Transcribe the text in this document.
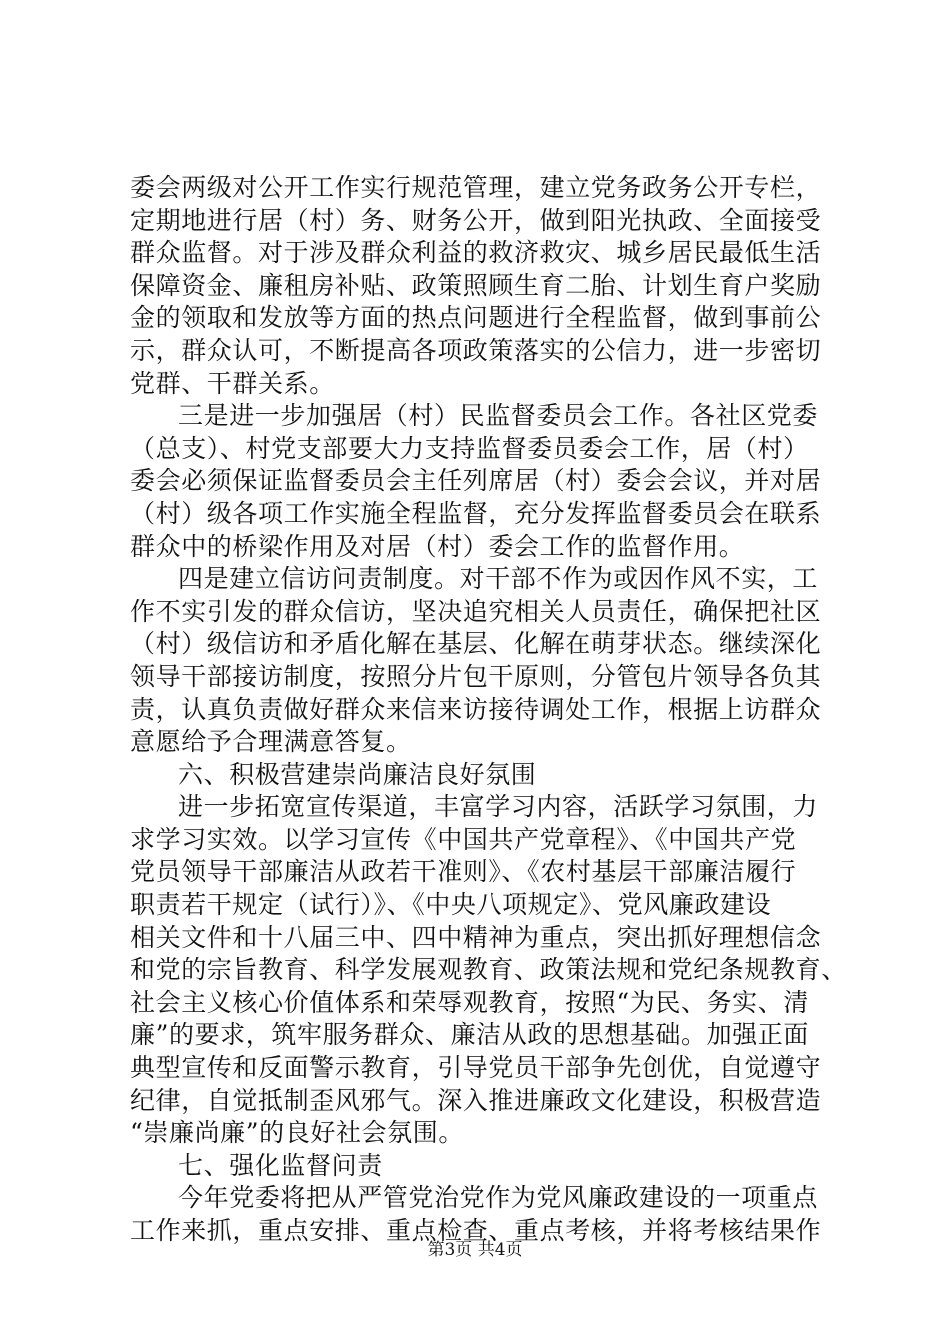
委会两级对公开工作实行规范管理，建立党务政务公开专栏，
定期地进行居（村）务、财务公开，做到阳光执政、全面接受
群众监督。对于涉及群众利益的救济救灾、城乡居民最低生活
保障资金、廉租房补贴、政策照顾生育二胎、计划生育户奖励
金的领取和发放等方面的热点问题进行全程监督，做到事前公
示，群众认可，不断提高各项政策落实的公信力，进一步密切
党群、干群关系。
三是进一步加强居（村）民监督委员会工作。各社区党委
（总支）、村党支部要大力支持监督委员委会工作，居（村）
委会必须保证监督委员会主任列席居（村）委会会议，并对居
（村）级各项工作实施全程监督，充分发挥监督委员会在联系
群众中的桥梁作用及对居（村）委会工作的监督作用。
四是建立信访问责制度。对干部不作为或因作风不实，工
作不实引发的群众信访，坚决追究相关人员责任，确保把社区
（村）级信访和矛盾化解在基层、化解在萌芽状态。继续深化
领导干部接访制度，按照分片包干原则，分管包片领导各负其
责，认真负责做好群众来信来访接待调处工作，根据上访群众
意愿给予合理满意答复。
六、积极营建崇尚廉洁良好氛围
进一步拓宽宣传渠道，丰富学习内容，活跃学习氛围，力
求学习实效。以学习宣传《中国共产党章程》、《中国共产党
党员领导干部廉洁从政若干准则》、《农村基层干部廉洁履行
职责若干规定（试行）》、《中央八项规定》、党风廉政建设
相关文件和十八届三中、四中精神为重点，突出抓好理想信念
和党的宗旨教育、科学发展观教育、政策法规和党纪条规教育、
社会主义核心价值体系和荣辱观教育，按照“为民、务实、清
廉”的要求，筑牢服务群众、廉洁从政的思想基础。加强正面
典型宣传和反面警示教育，引导党员干部争先创优，自觉遵守
纪律，自觉抵制歪风邪气。深入推进廉政文化建设，积极营造
“崇廉尚廉”的良好社会氛围。
七、强化监督问责
今年党委将把从严管党治党作为党风廉政建设的一项重点
工作来抓，重点安排、重点检查、重点考核，并将考核结果作
第3页 共4页
